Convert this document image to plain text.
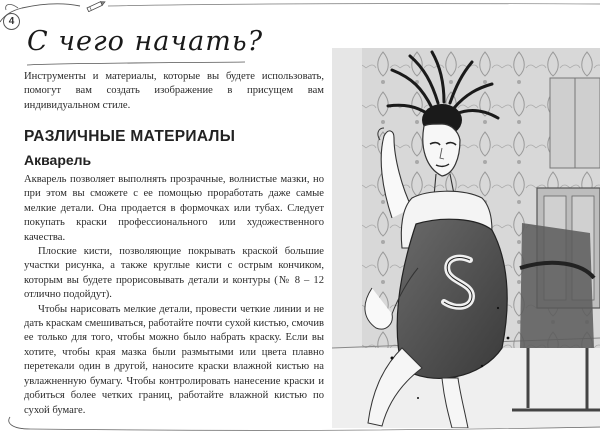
4
С чего начать?
Инструменты и материалы, которые вы будете использовать, помогут вам создать изображение в присущем вам индивидуальном стиле.
РАЗЛИЧНЫЕ МАТЕРИАЛЫ
Акварель

Акварель позволяет выполнять прозрачные, волнистые мазки, но при этом вы сможете с ее помощью проработать даже самые мелкие детали. Она продается в формочках или тубах. Следует покупать краски профессионального или художественного качества.

Плоские кисти, позволяющие покрывать краской большие участки рисунка, а также круглые кисти с острым кончиком, которым вы будете прорисовывать детали и контуры (№ 8 – 12 отлично подойдут).

Чтобы нарисовать мелкие детали, провести четкие линии и не дать краскам смешиваться, работайте почти сухой кистью, смочив ее только для того, чтобы можно было набрать краску. Если вы хотите, чтобы края мазка были размытыми или цвета плавно перетекали один в другой, наносите краски влажной кистью на увлажненную бумагу. Чтобы контролировать нанесение краски и добиться более четких границ, работайте влажной кистью по сухой бумаге.
